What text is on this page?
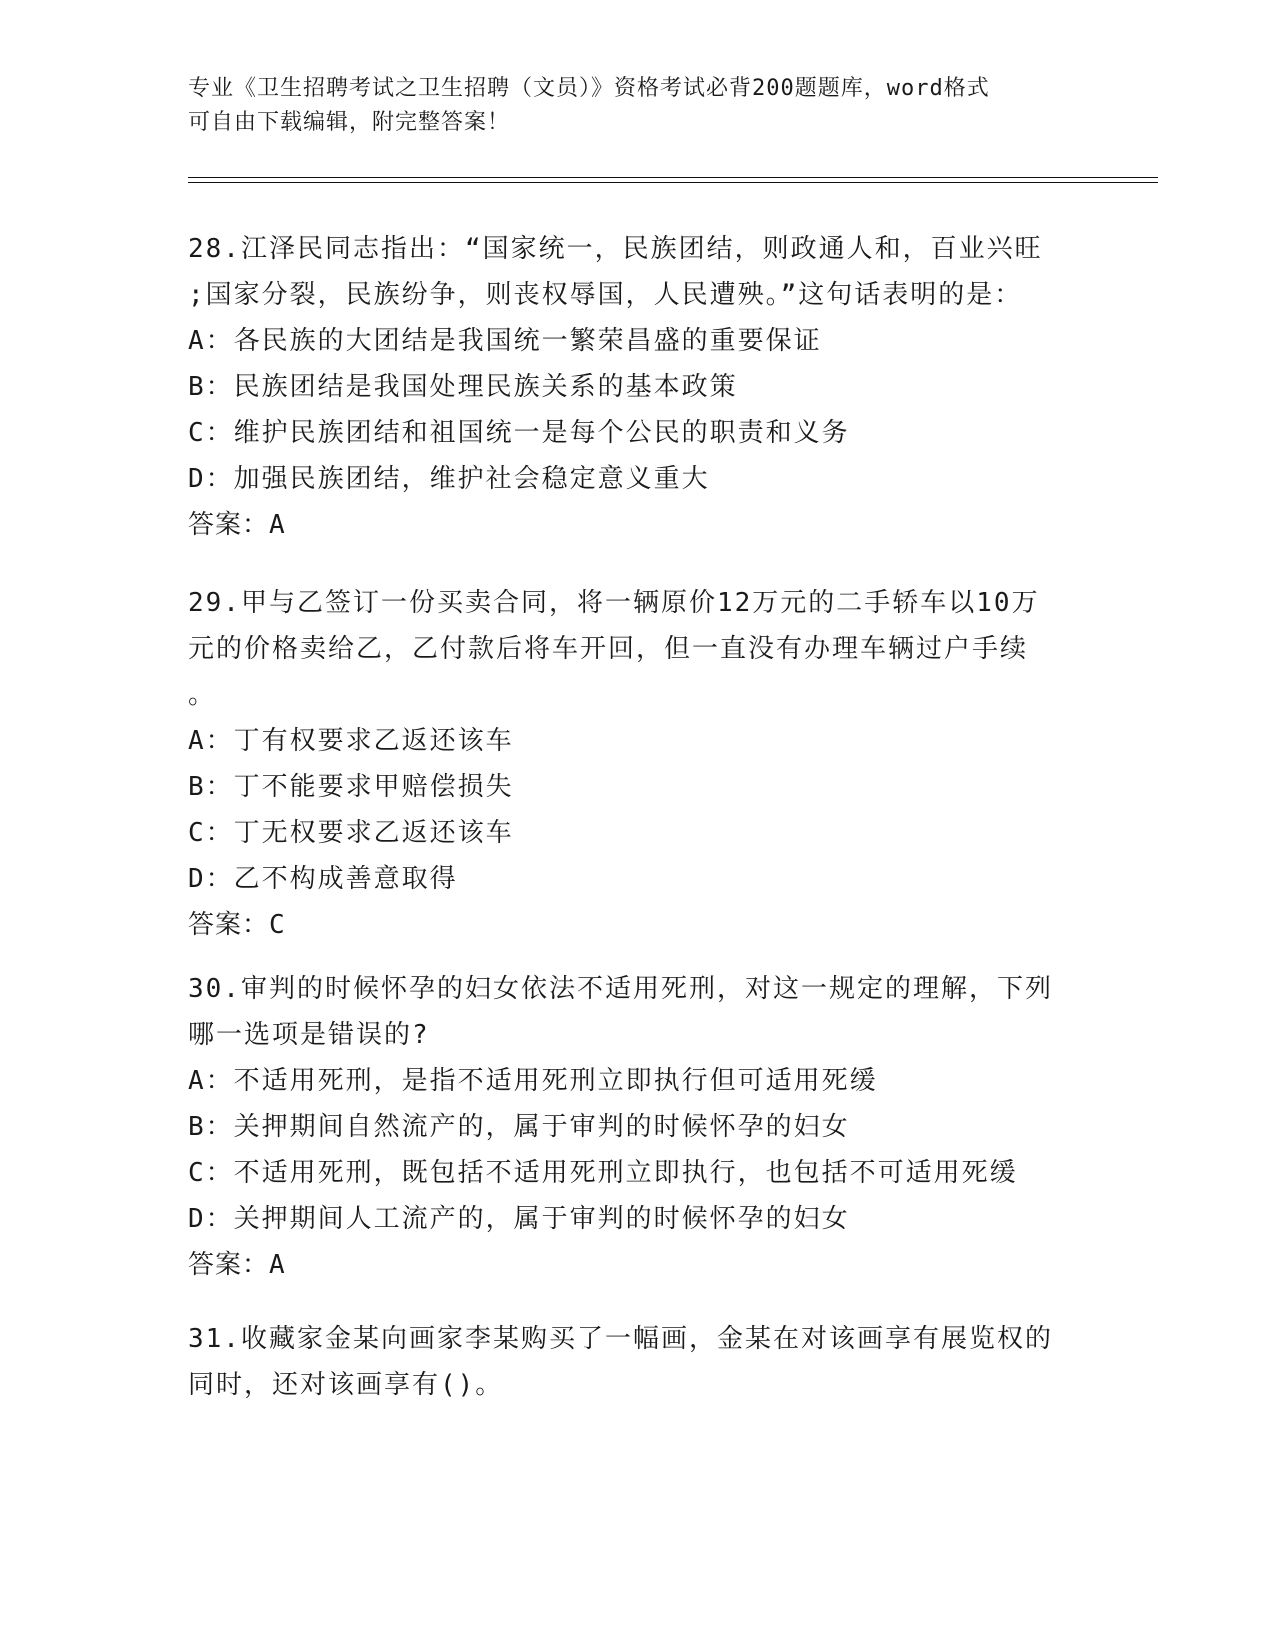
专业《卫生招聘考试之卫生招聘（文员）》资格考试必背200题题库，word格式
可自由下载编辑，附完整答案！
28.江泽民同志指出：“国家统一，民族团结，则政通人和，百业兴旺
;国家分裂，民族纷争，则丧权辱国，人民遭殃。”这句话表明的是：
A：各民族的大团结是我国统一繁荣昌盛的重要保证
B：民族团结是我国处理民族关系的基本政策
C：维护民族团结和祖国统一是每个公民的职责和义务
D：加强民族团结，维护社会稳定意义重大
答案：A
29.甲与乙签订一份买卖合同，将一辆原价12万元的二手轿车以10万
元的价格卖给乙，乙付款后将车开回，但一直没有办理车辆过户手续
。
A：丁有权要求乙返还该车
B：丁不能要求甲赔偿损失
C：丁无权要求乙返还该车
D：乙不构成善意取得
答案：C
30.审判的时候怀孕的妇女依法不适用死刑，对这一规定的理解，下列
哪一选项是错误的?
A：不适用死刑，是指不适用死刑立即执行但可适用死缓
B：关押期间自然流产的，属于审判的时候怀孕的妇女
C：不适用死刑，既包括不适用死刑立即执行，也包括不可适用死缓
D：关押期间人工流产的，属于审判的时候怀孕的妇女
答案：A
31.收藏家金某向画家李某购买了一幅画，金某在对该画享有展览权的
同时，还对该画享有()。
